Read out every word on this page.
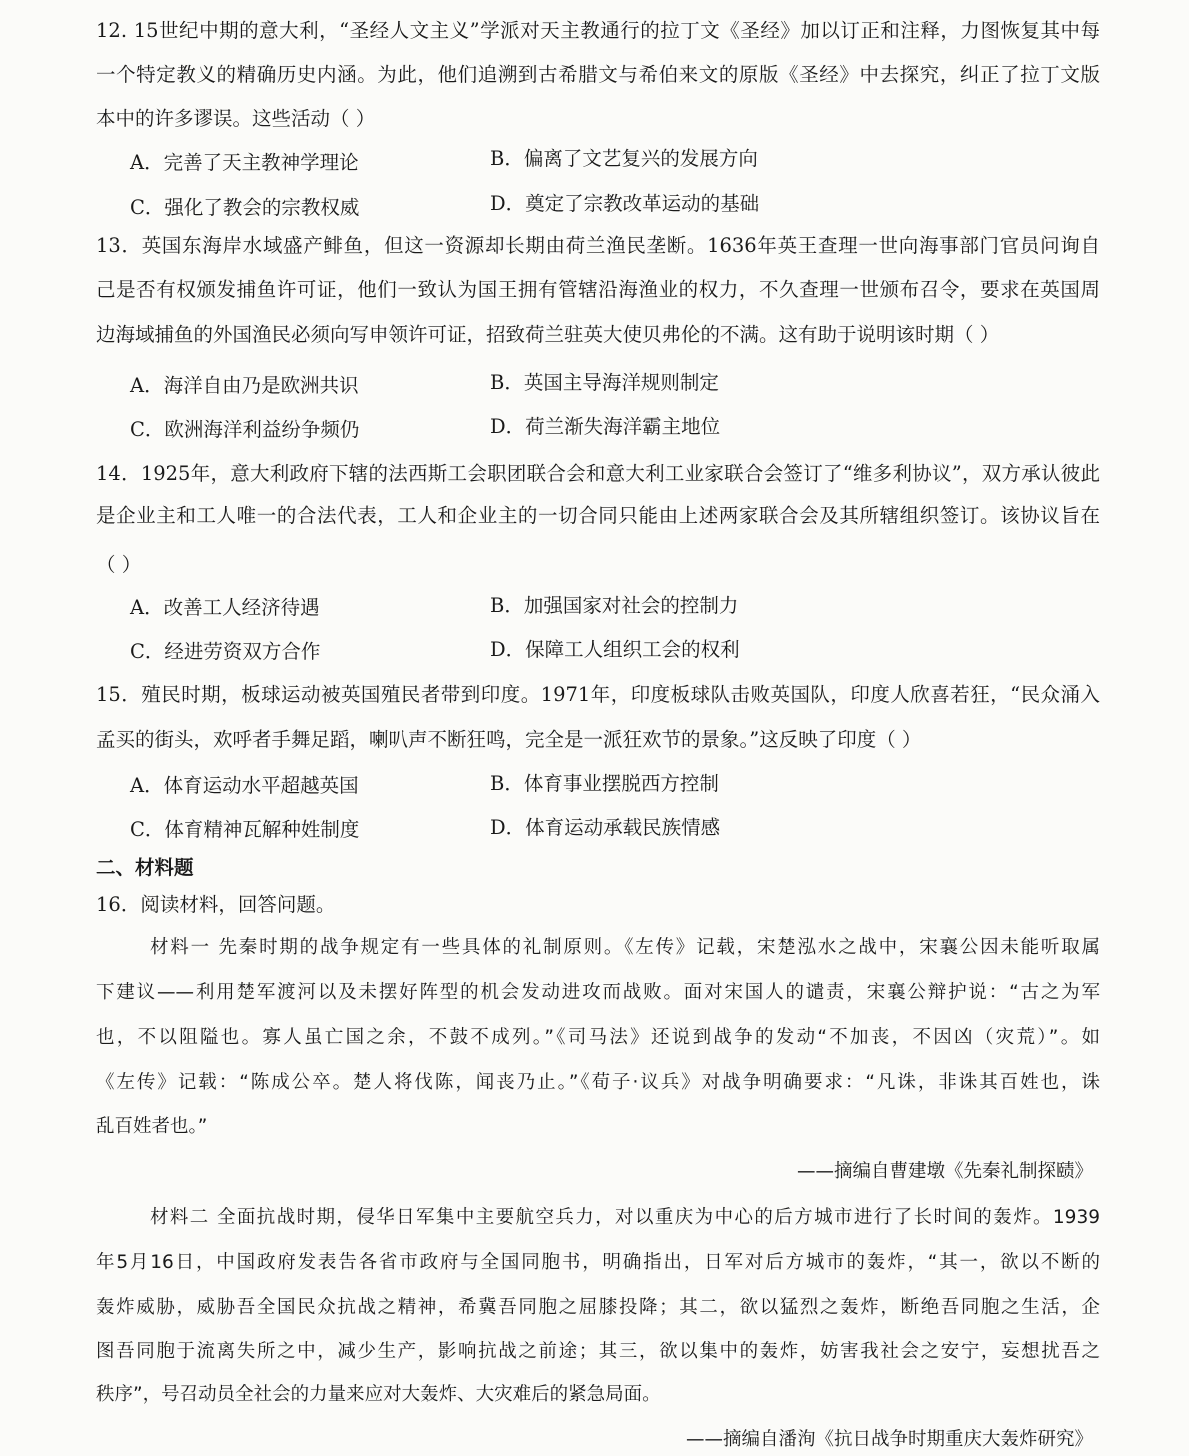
12. 15世纪中期的意大利，“圣经人文主义”学派对天主教通行的拉丁文《圣经》加以订正和注释，力图恢复其中每
一个特定教义的精确历史内涵。为此，他们追溯到古希腊文与希伯来文的原版《圣经》中去探究，纠正了拉丁文版
本中的许多谬误。这些活动（ ）
A．完善了天主教神学理论	B．偏离了文艺复兴的发展方向
C．强化了教会的宗教权威	D．奠定了宗教改革运动的基础
13．英国东海岸水域盛产鲱鱼，但这一资源却长期由荷兰渔民垄断。1636年英王查理一世向海事部门官员问询自
己是否有权颁发捕鱼许可证，他们一致认为国王拥有管辖沿海渔业的权力，不久查理一世颁布召令，要求在英国周
边海域捕鱼的外国渔民必须向写申领许可证，招致荷兰驻英大使贝弗伦的不满。这有助于说明该时期（ ）
A．海洋自由乃是欧洲共识	B．英国主导海洋规则制定
C．欧洲海洋利益纷争频仍	D．荷兰渐失海洋霸主地位
14．1925年，意大利政府下辖的法西斯工会职团联合会和意大利工业家联合会签订了“维多利协议”，双方承认彼此
是企业主和工人唯一的合法代表，工人和企业主的一切合同只能由上述两家联合会及其所辖组织签订。该协议旨在
（ ）
A．改善工人经济待遇	B．加强国家对社会的控制力
C．经进劳资双方合作	D．保障工人组织工会的权利
15．殖民时期，板球运动被英国殖民者带到印度。1971年，印度板球队击败英国队，印度人欣喜若狂，“民众涌入
孟买的街头，欢呼者手舞足蹈，喇叭声不断狂鸣，完全是一派狂欢节的景象。”这反映了印度（ ）
A．体育运动水平超越英国	B．体育事业摆脱西方控制
C．体育精神瓦解种姓制度	D．体育运动承载民族情感
二、材料题
16．阅读材料，回答问题。
材料一 先秦时期的战争规定有一些具体的礼制原则。《左传》记载，宋楚泓水之战中，宋襄公因未能听取属
下建议——利用楚军渡河以及未摆好阵型的机会发动进攻而战败。面对宋国人的谴责，宋襄公辩护说：“古之为军
也，不以阻隘也。寡人虽亡国之余，不鼓不成列。”《司马法》还说到战争的发动“不加丧，不因凶（灾荒）”。如
《左传》记载：“陈成公卒。楚人将伐陈，闻丧乃止。”《荀子·议兵》对战争明确要求：“凡诛，非诛其百姓也，诛
乱百姓者也。”
——摘编自曹建墩《先秦礼制探赜》
材料二 全面抗战时期，侵华日军集中主要航空兵力，对以重庆为中心的后方城市进行了长时间的轰炸。1939
年5月16日，中国政府发表告各省市政府与全国同胞书，明确指出，日军对后方城市的轰炸，“其一，欲以不断的
轰炸威胁，威胁吾全国民众抗战之精神，希冀吾同胞之屈膝投降；其二，欲以猛烈之轰炸，断绝吾同胞之生活，企
图吾同胞于流离失所之中，减少生产，影响抗战之前途；其三，欲以集中的轰炸，妨害我社会之安宁，妄想扰吾之
秩序”，号召动员全社会的力量来应对大轰炸、大灾难后的紧急局面。
——摘编自潘洵《抗日战争时期重庆大轰炸研究》
